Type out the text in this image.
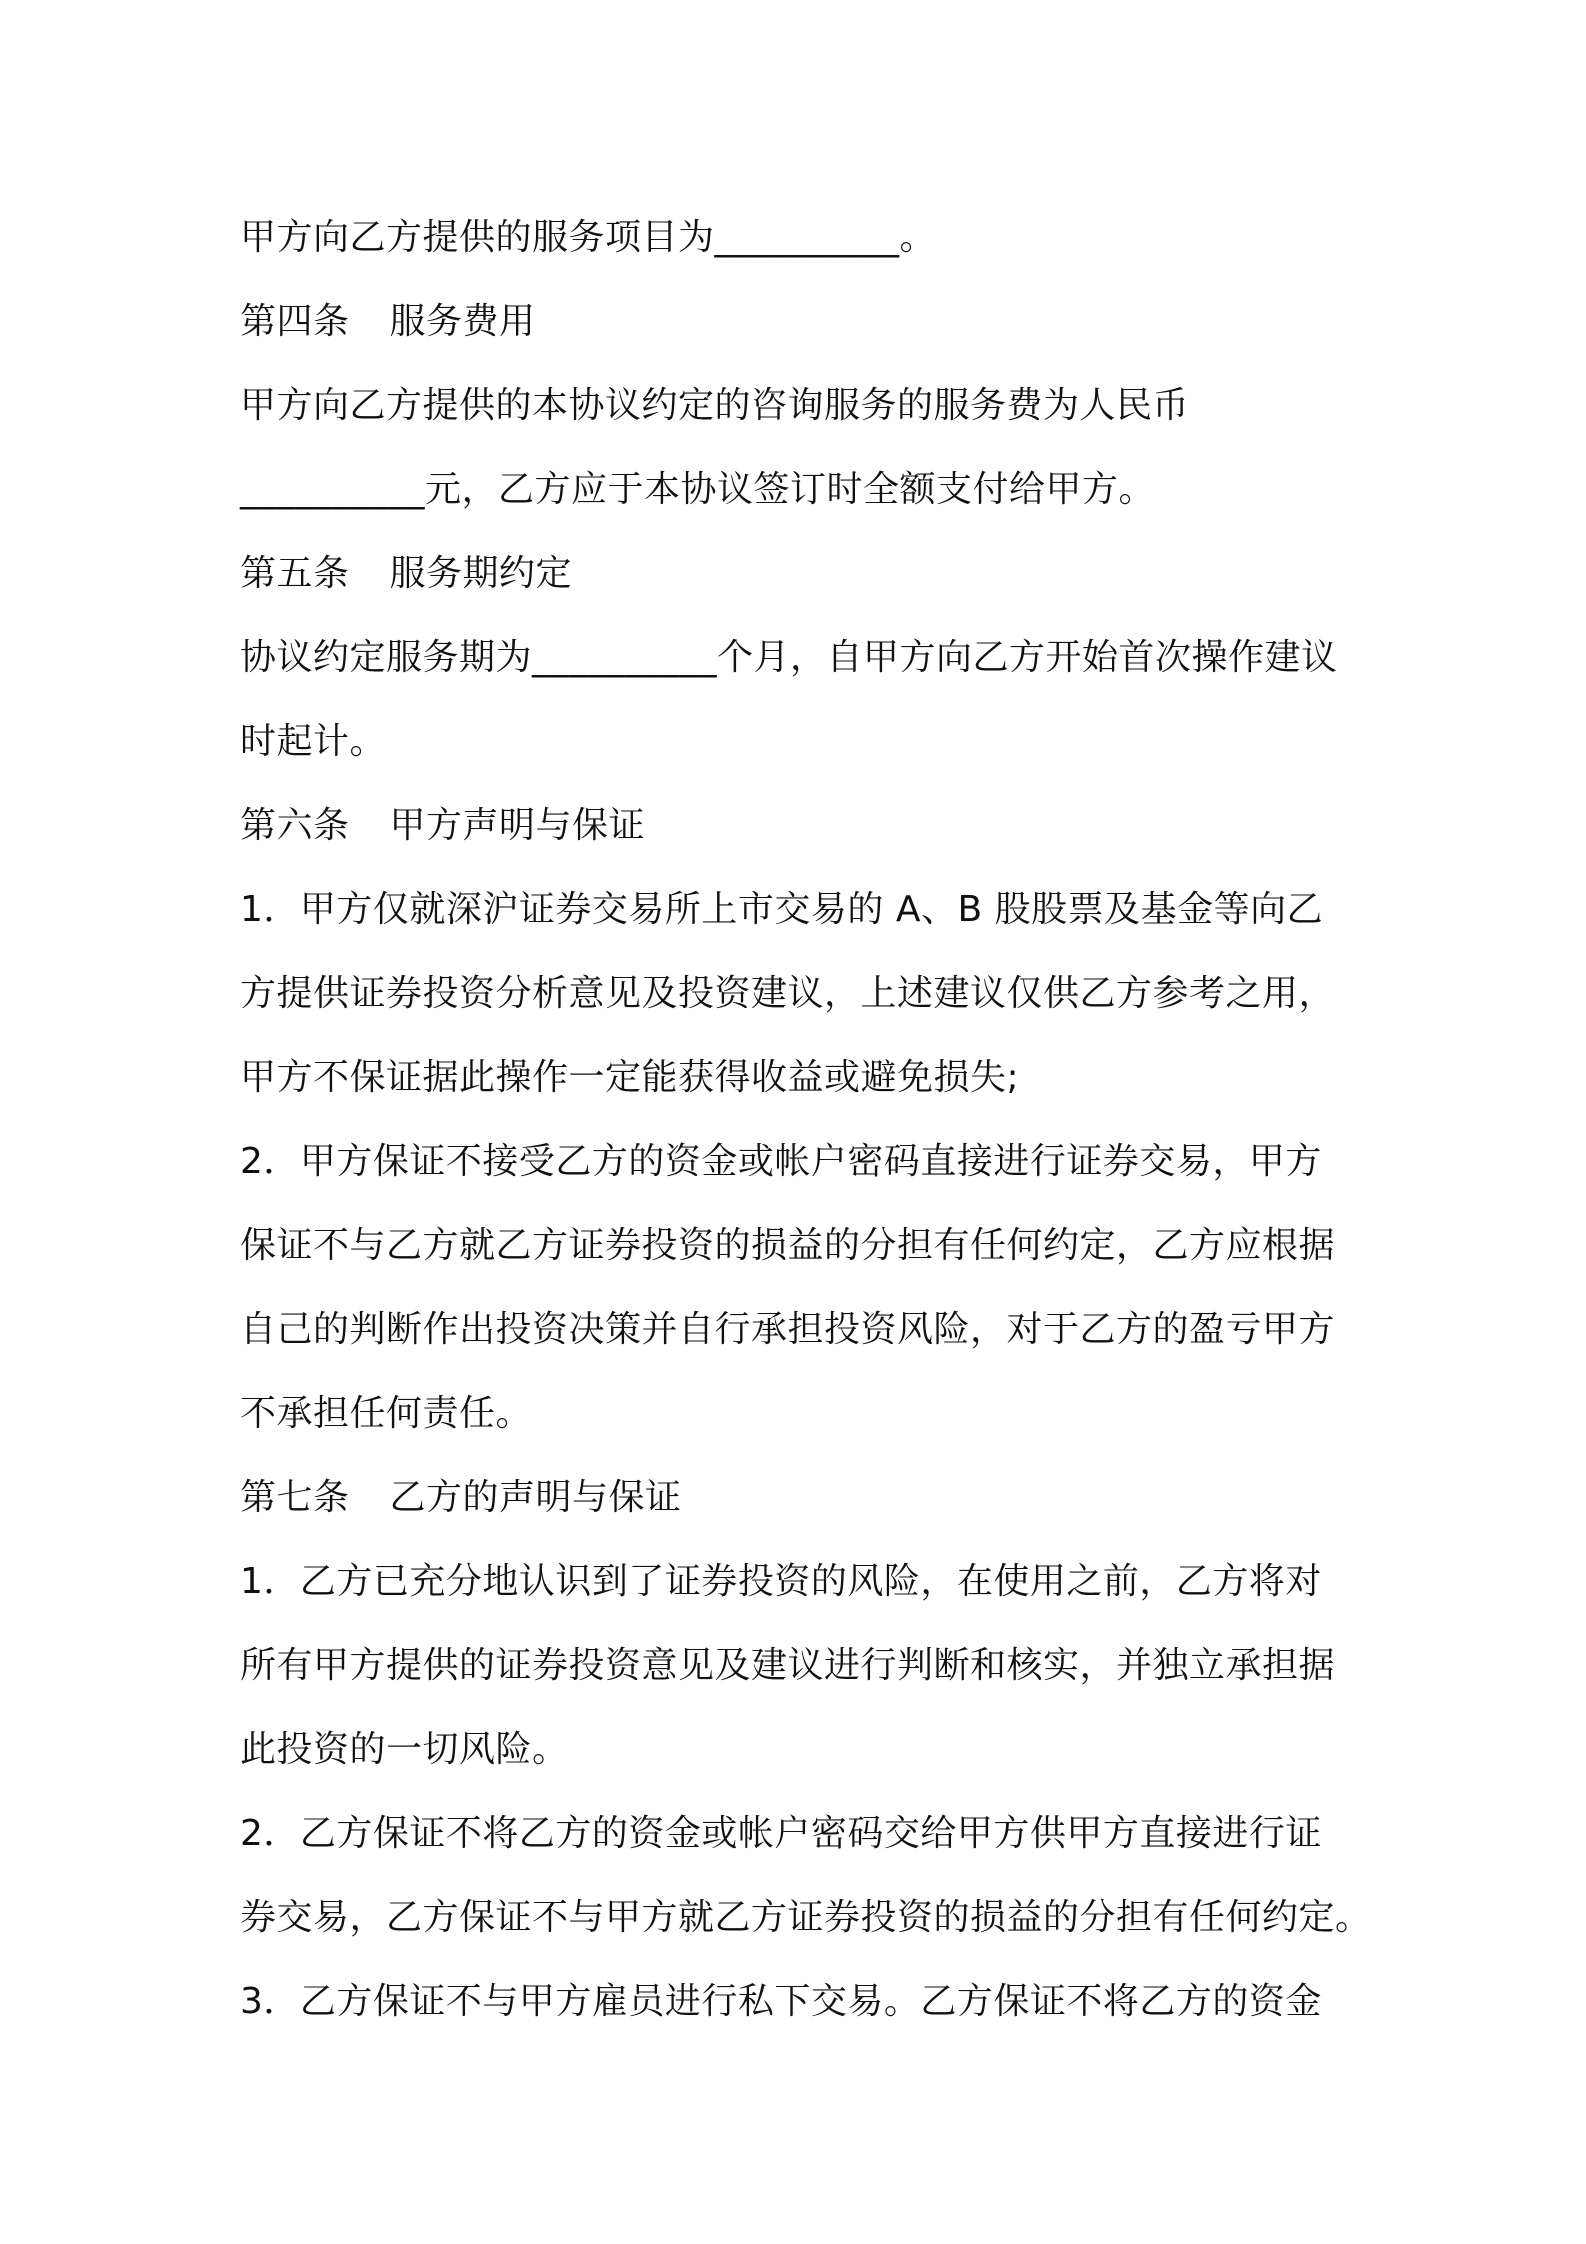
甲方向乙方提供的服务项目为__________。
第四条 服务费用
甲方向乙方提供的本协议约定的咨询服务的服务费为人民币
__________元，乙方应于本协议签订时全额支付给甲方。
第五条 服务期约定
协议约定服务期为__________个月，自甲方向乙方开始首次操作建议
时起计。
第六条 甲方声明与保证
1．甲方仅就深沪证券交易所上市交易的 A、B 股股票及基金等向乙
方提供证券投资分析意见及投资建议，上述建议仅供乙方参考之用，
甲方不保证据此操作一定能获得收益或避免损失;
2．甲方保证不接受乙方的资金或帐户密码直接进行证券交易，甲方
保证不与乙方就乙方证券投资的损益的分担有任何约定，乙方应根据
自己的判断作出投资决策并自行承担投资风险，对于乙方的盈亏甲方
不承担任何责任。
第七条 乙方的声明与保证
1．乙方已充分地认识到了证券投资的风险，在使用之前，乙方将对
所有甲方提供的证券投资意见及建议进行判断和核实，并独立承担据
此投资的一切风险。
2．乙方保证不将乙方的资金或帐户密码交给甲方供甲方直接进行证
券交易，乙方保证不与甲方就乙方证券投资的损益的分担有任何约定。
3．乙方保证不与甲方雇员进行私下交易。乙方保证不将乙方的资金
